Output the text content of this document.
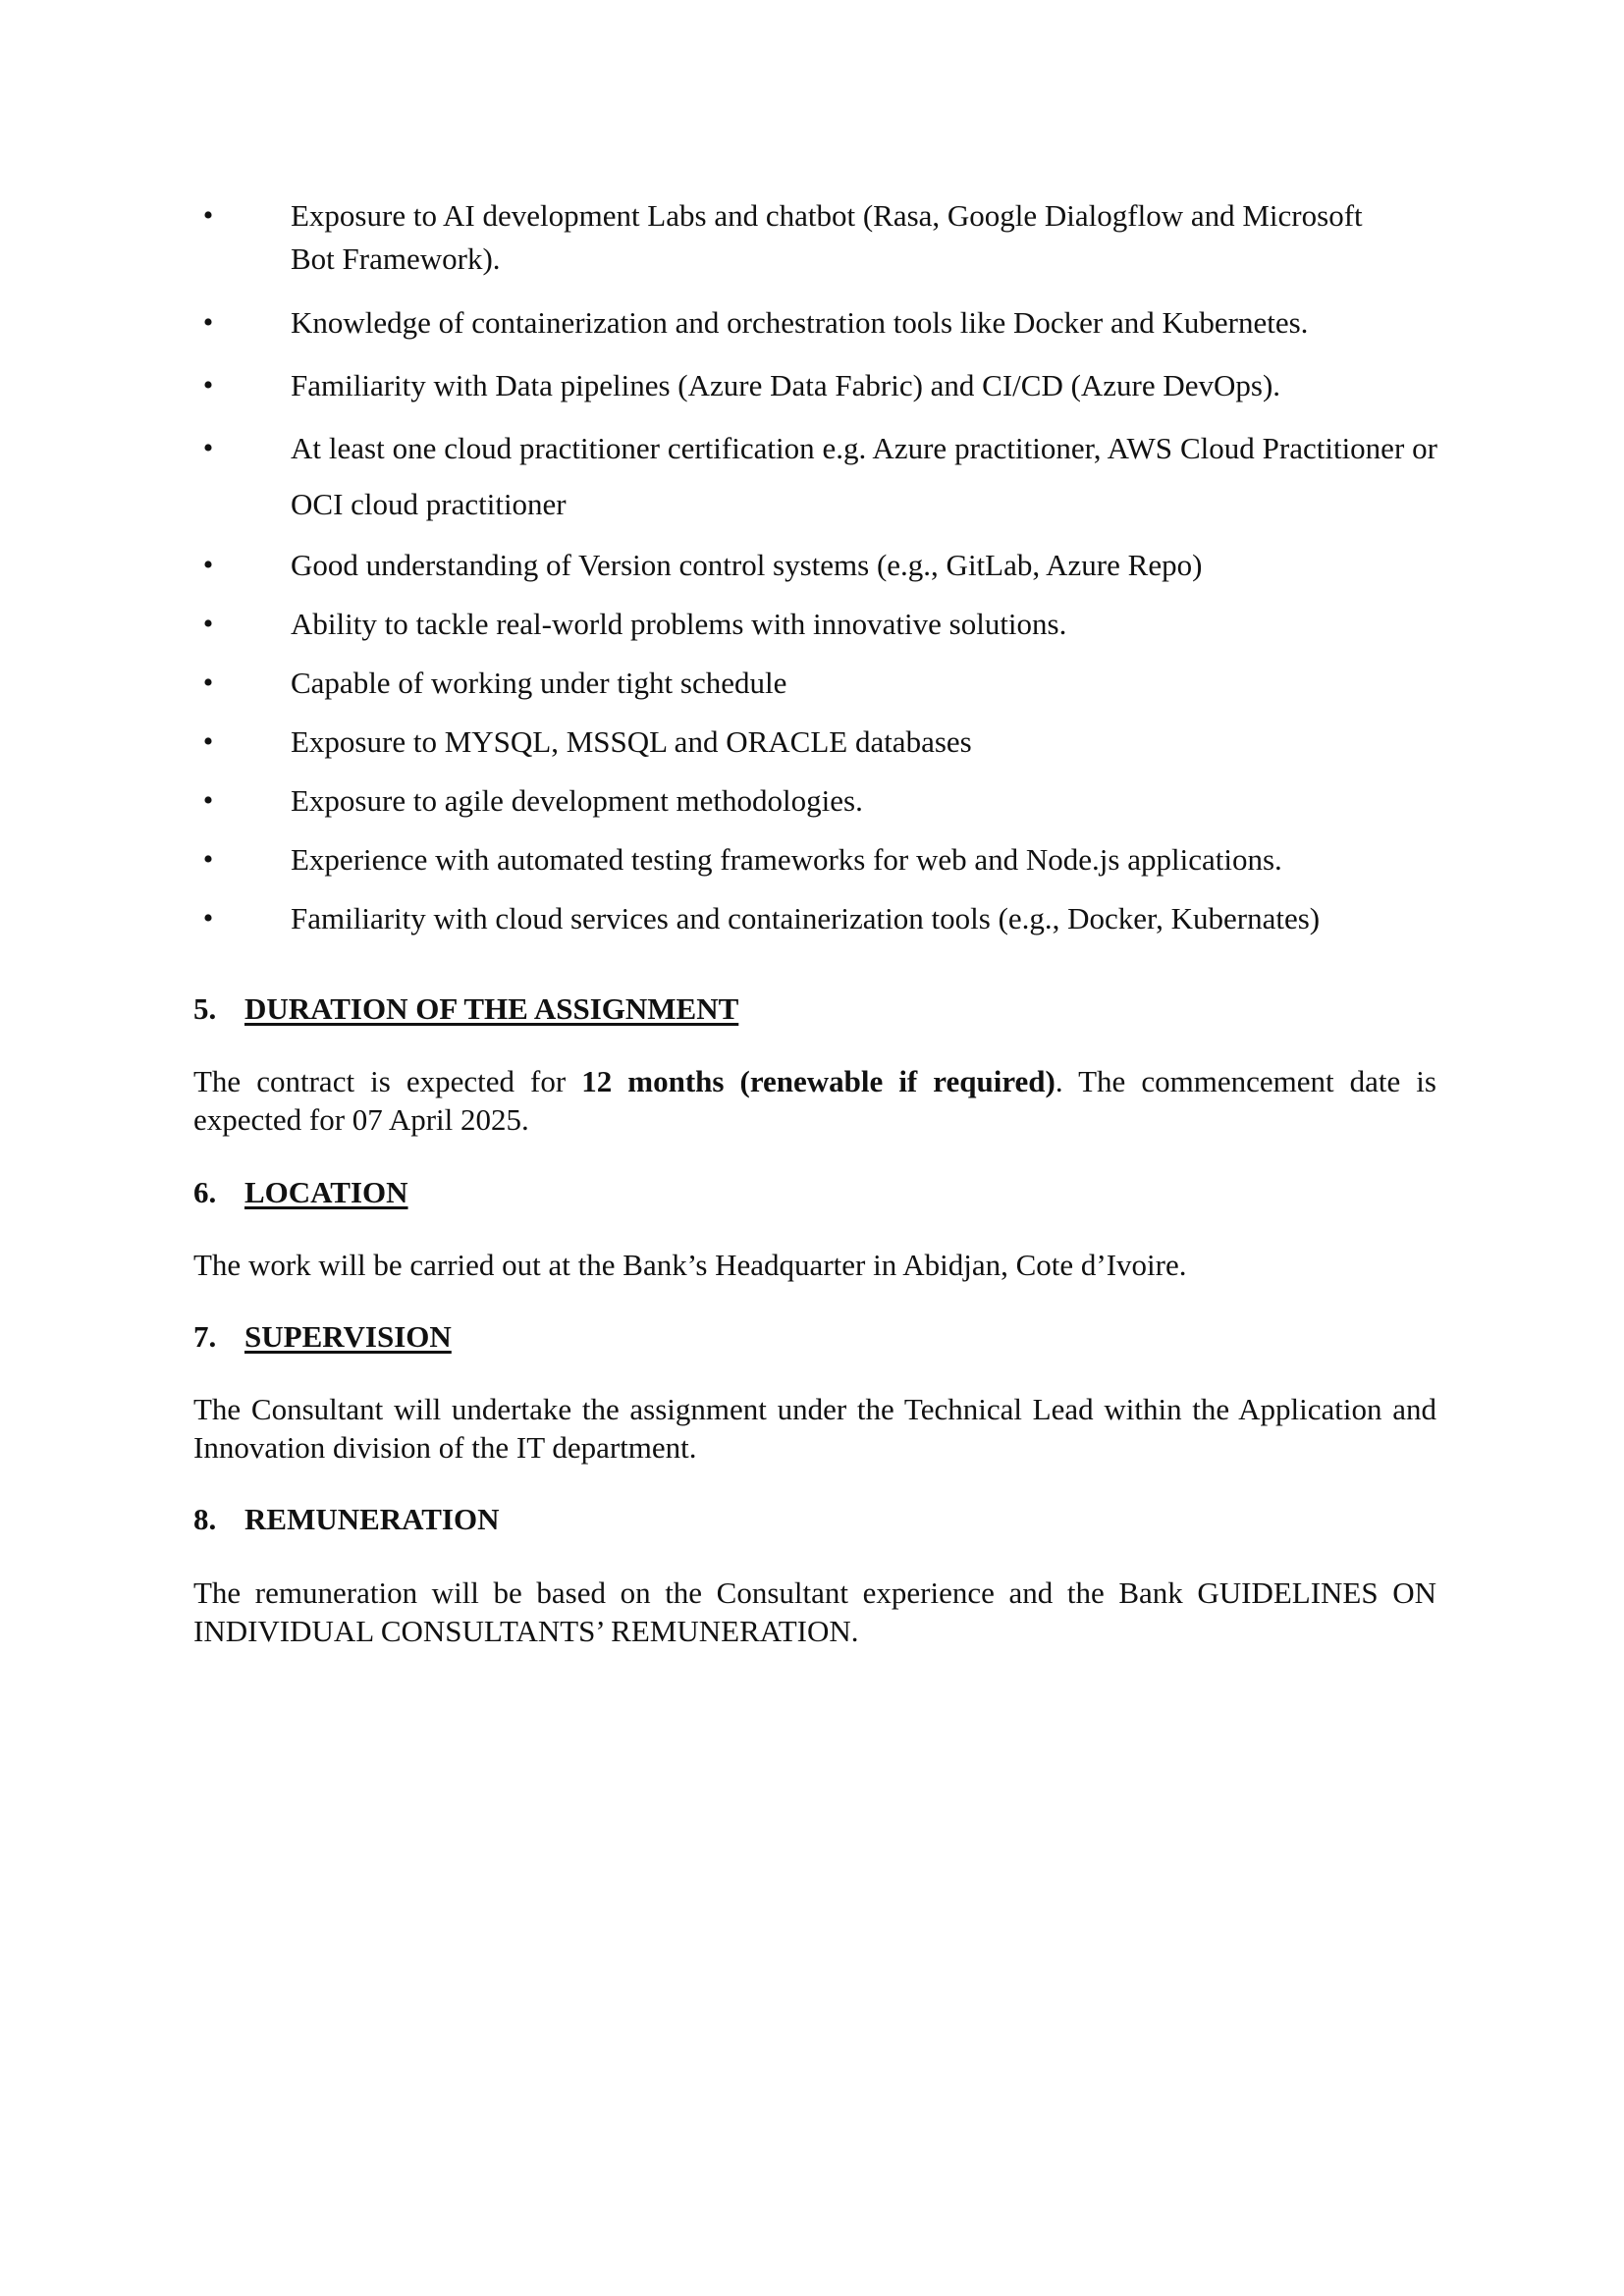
•	Exposure to AI development Labs and chatbot (Rasa, Google Dialogflow and Microsoft Bot Framework).
•	Knowledge of containerization and orchestration tools like Docker and Kubernetes.
•	Familiarity with Data pipelines (Azure Data Fabric) and CI/CD (Azure DevOps).
•	At least one cloud practitioner certification e.g. Azure practitioner, AWS Cloud Practitioner or OCI cloud practitioner
•	Good understanding of Version control systems (e.g., GitLab, Azure Repo)
•	Ability to tackle real-world problems with innovative solutions.
•	Capable of working under tight schedule
•	Exposure to MYSQL, MSSQL and ORACLE databases
•	Exposure to agile development methodologies.
•	Experience with automated testing frameworks for web and Node.js applications.
•	Familiarity with cloud services and containerization tools (e.g., Docker, Kubernates)
5. DURATION OF THE ASSIGNMENT
The contract is expected for 12 months (renewable if required). The commencement date is expected for 07 April 2025.
6. LOCATION
The work will be carried out at the Bank’s Headquarter in Abidjan, Cote d’Ivoire.
7. SUPERVISION
The Consultant will undertake the assignment under the Technical Lead within the Application and Innovation division of the IT department.
8. REMUNERATION
The remuneration will be based on the Consultant experience and the Bank GUIDELINES ON INDIVIDUAL CONSULTANTS’ REMUNERATION.
